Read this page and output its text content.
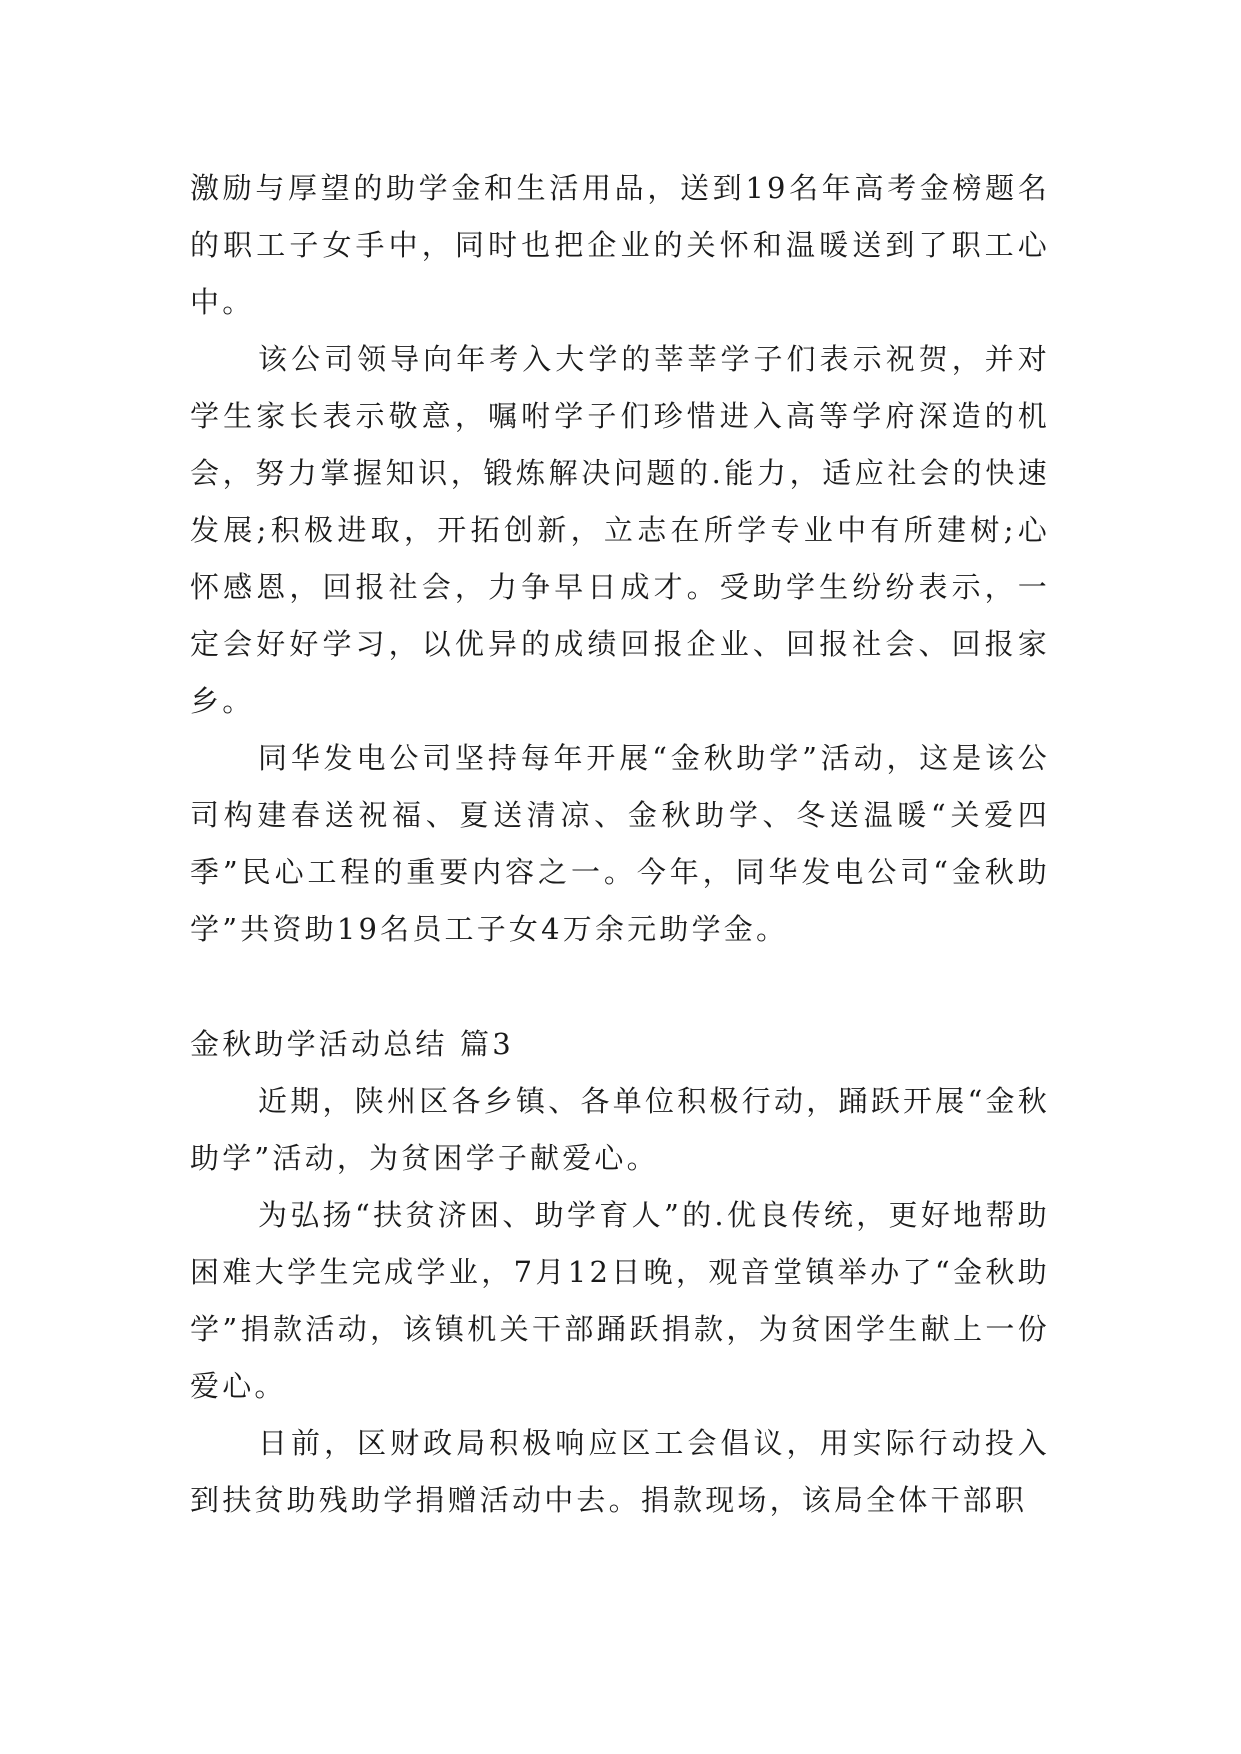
激励与厚望的助学金和生活用品，送到19名年高考金榜题名的职工子女手中，同时也把企业的关怀和温暖送到了职工心中。

该公司领导向年考入大学的莘莘学子们表示祝贺，并对学生家长表示敬意，嘱咐学子们珍惜进入高等学府深造的机会，努力掌握知识，锻炼解决问题的.能力，适应社会的快速发展;积极进取，开拓创新，立志在所学专业中有所建树;心怀感恩，回报社会，力争早日成才。受助学生纷纷表示，一定会好好学习，以优异的成绩回报企业、回报社会、回报家乡。

同华发电公司坚持每年开展“金秋助学”活动，这是该公司构建春送祝福、夏送清凉、金秋助学、冬送温暖“关爱四季”民心工程的重要内容之一。今年，同华发电公司“金秋助学”共资助19名员工子女4万余元助学金。

金秋助学活动总结 篇3

近期，陕州区各乡镇、各单位积极行动，踊跃开展“金秋助学”活动，为贫困学子献爱心。

为弘扬“扶贫济困、助学育人”的.优良传统，更好地帮助困难大学生完成学业，7月12日晚，观音堂镇举办了“金秋助学”捐款活动，该镇机关干部踊跃捐款，为贫困学生献上一份爱心。

日前，区财政局积极响应区工会倡议，用实际行动投入到扶贫助残助学捐赠活动中去。捐款现场，该局全体干部职
